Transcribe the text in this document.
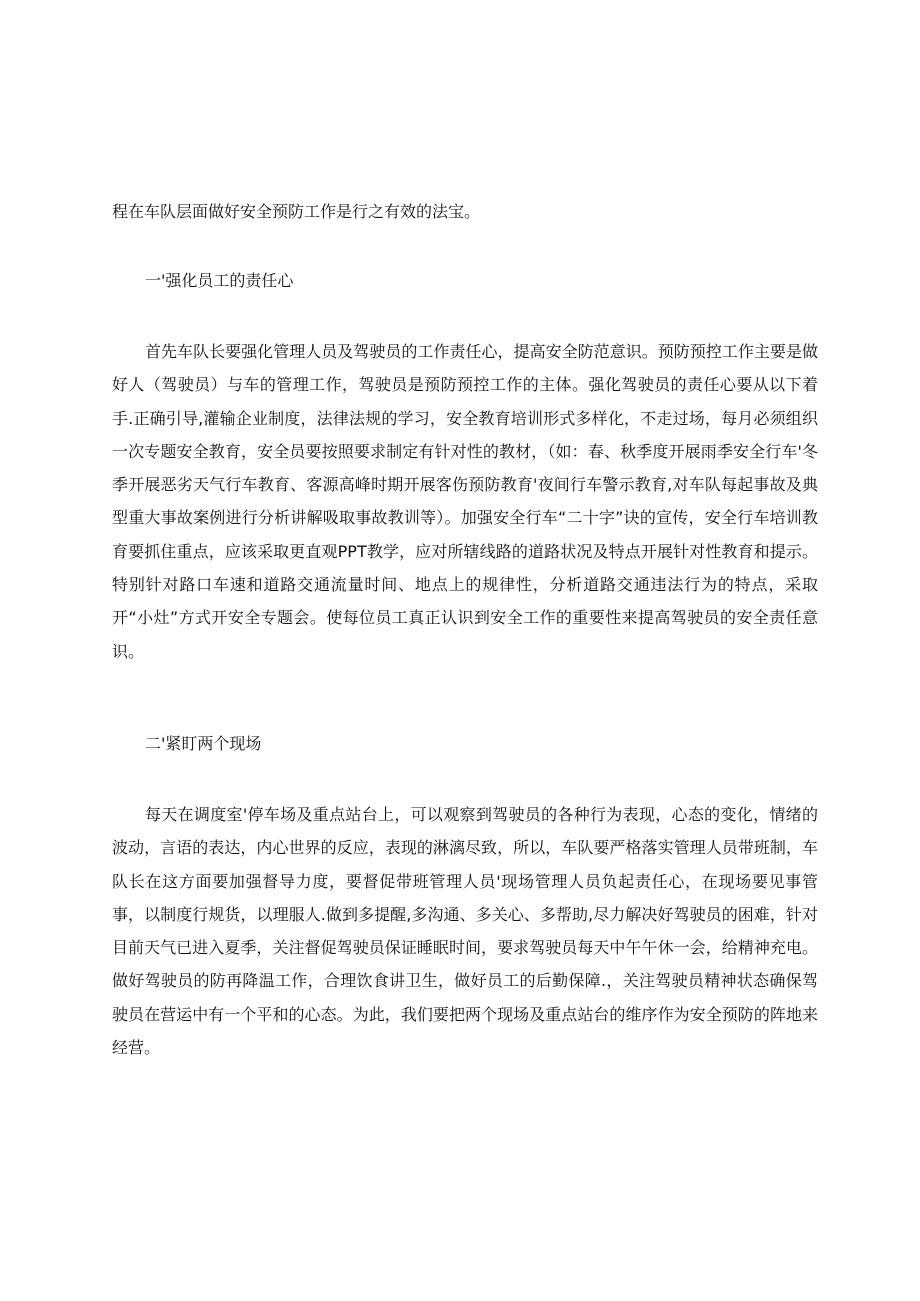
程在车队层面做好安全预防工作是行之有效的法宝。

一'强化员工的责任心

首先车队长要强化管理人员及驾驶员的工作责任心，提高安全防范意识。预防预控工作主要是做好人（驾驶员）与车的管理工作，驾驶员是预防预控工作的主体。强化驾驶员的责任心要从以下着手.正确引导,灌输企业制度，法律法规的学习，安全教育培训形式多样化，不走过场，每月必须组织一次专题安全教育，安全员要按照要求制定有针对性的教材，（如：春、秋季度开展雨季安全行车'冬季开展恶劣天气行车教育、客源高峰时期开展客伤预防教育'夜间行车警示教育,对车队每起事故及典型重大事故案例进行分析讲解吸取事故教训等）。加强安全行车“二十字”诀的宣传，安全行车培训教育要抓住重点，应该采取更直观PPT教学，应对所辖线路的道路状况及特点开展针对性教育和提示。特别针对路口车速和道路交通流量时间、地点上的规律性，分析道路交通违法行为的特点，采取开“小灶”方式开安全专题会。使每位员工真正认识到安全工作的重要性来提高驾驶员的安全责任意识。

二'紧盯两个现场

每天在调度室'停车场及重点站台上，可以观察到驾驶员的各种行为表现，心态的变化，情绪的波动，言语的表达，内心世界的反应，表现的淋漓尽致，所以，车队要严格落实管理人员带班制，车队长在这方面要加强督导力度，要督促带班管理人员'现场管理人员负起责任心，在现场要见事管事，以制度行规货，以理服人.做到多提醒,多沟通、多关心、多帮助,尽力解决好驾驶员的困难，针对目前天气已进入夏季，关注督促驾驶员保证睡眠时间，要求驾驶员每天中午午休一会，给精神充电。做好驾驶员的防再降温工作，合理饮食讲卫生，做好员工的后勤保障.，关注驾驶员精神状态确保驾驶员在营运中有一个平和的心态。为此，我们要把两个现场及重点站台的维序作为安全预防的阵地来经营。
